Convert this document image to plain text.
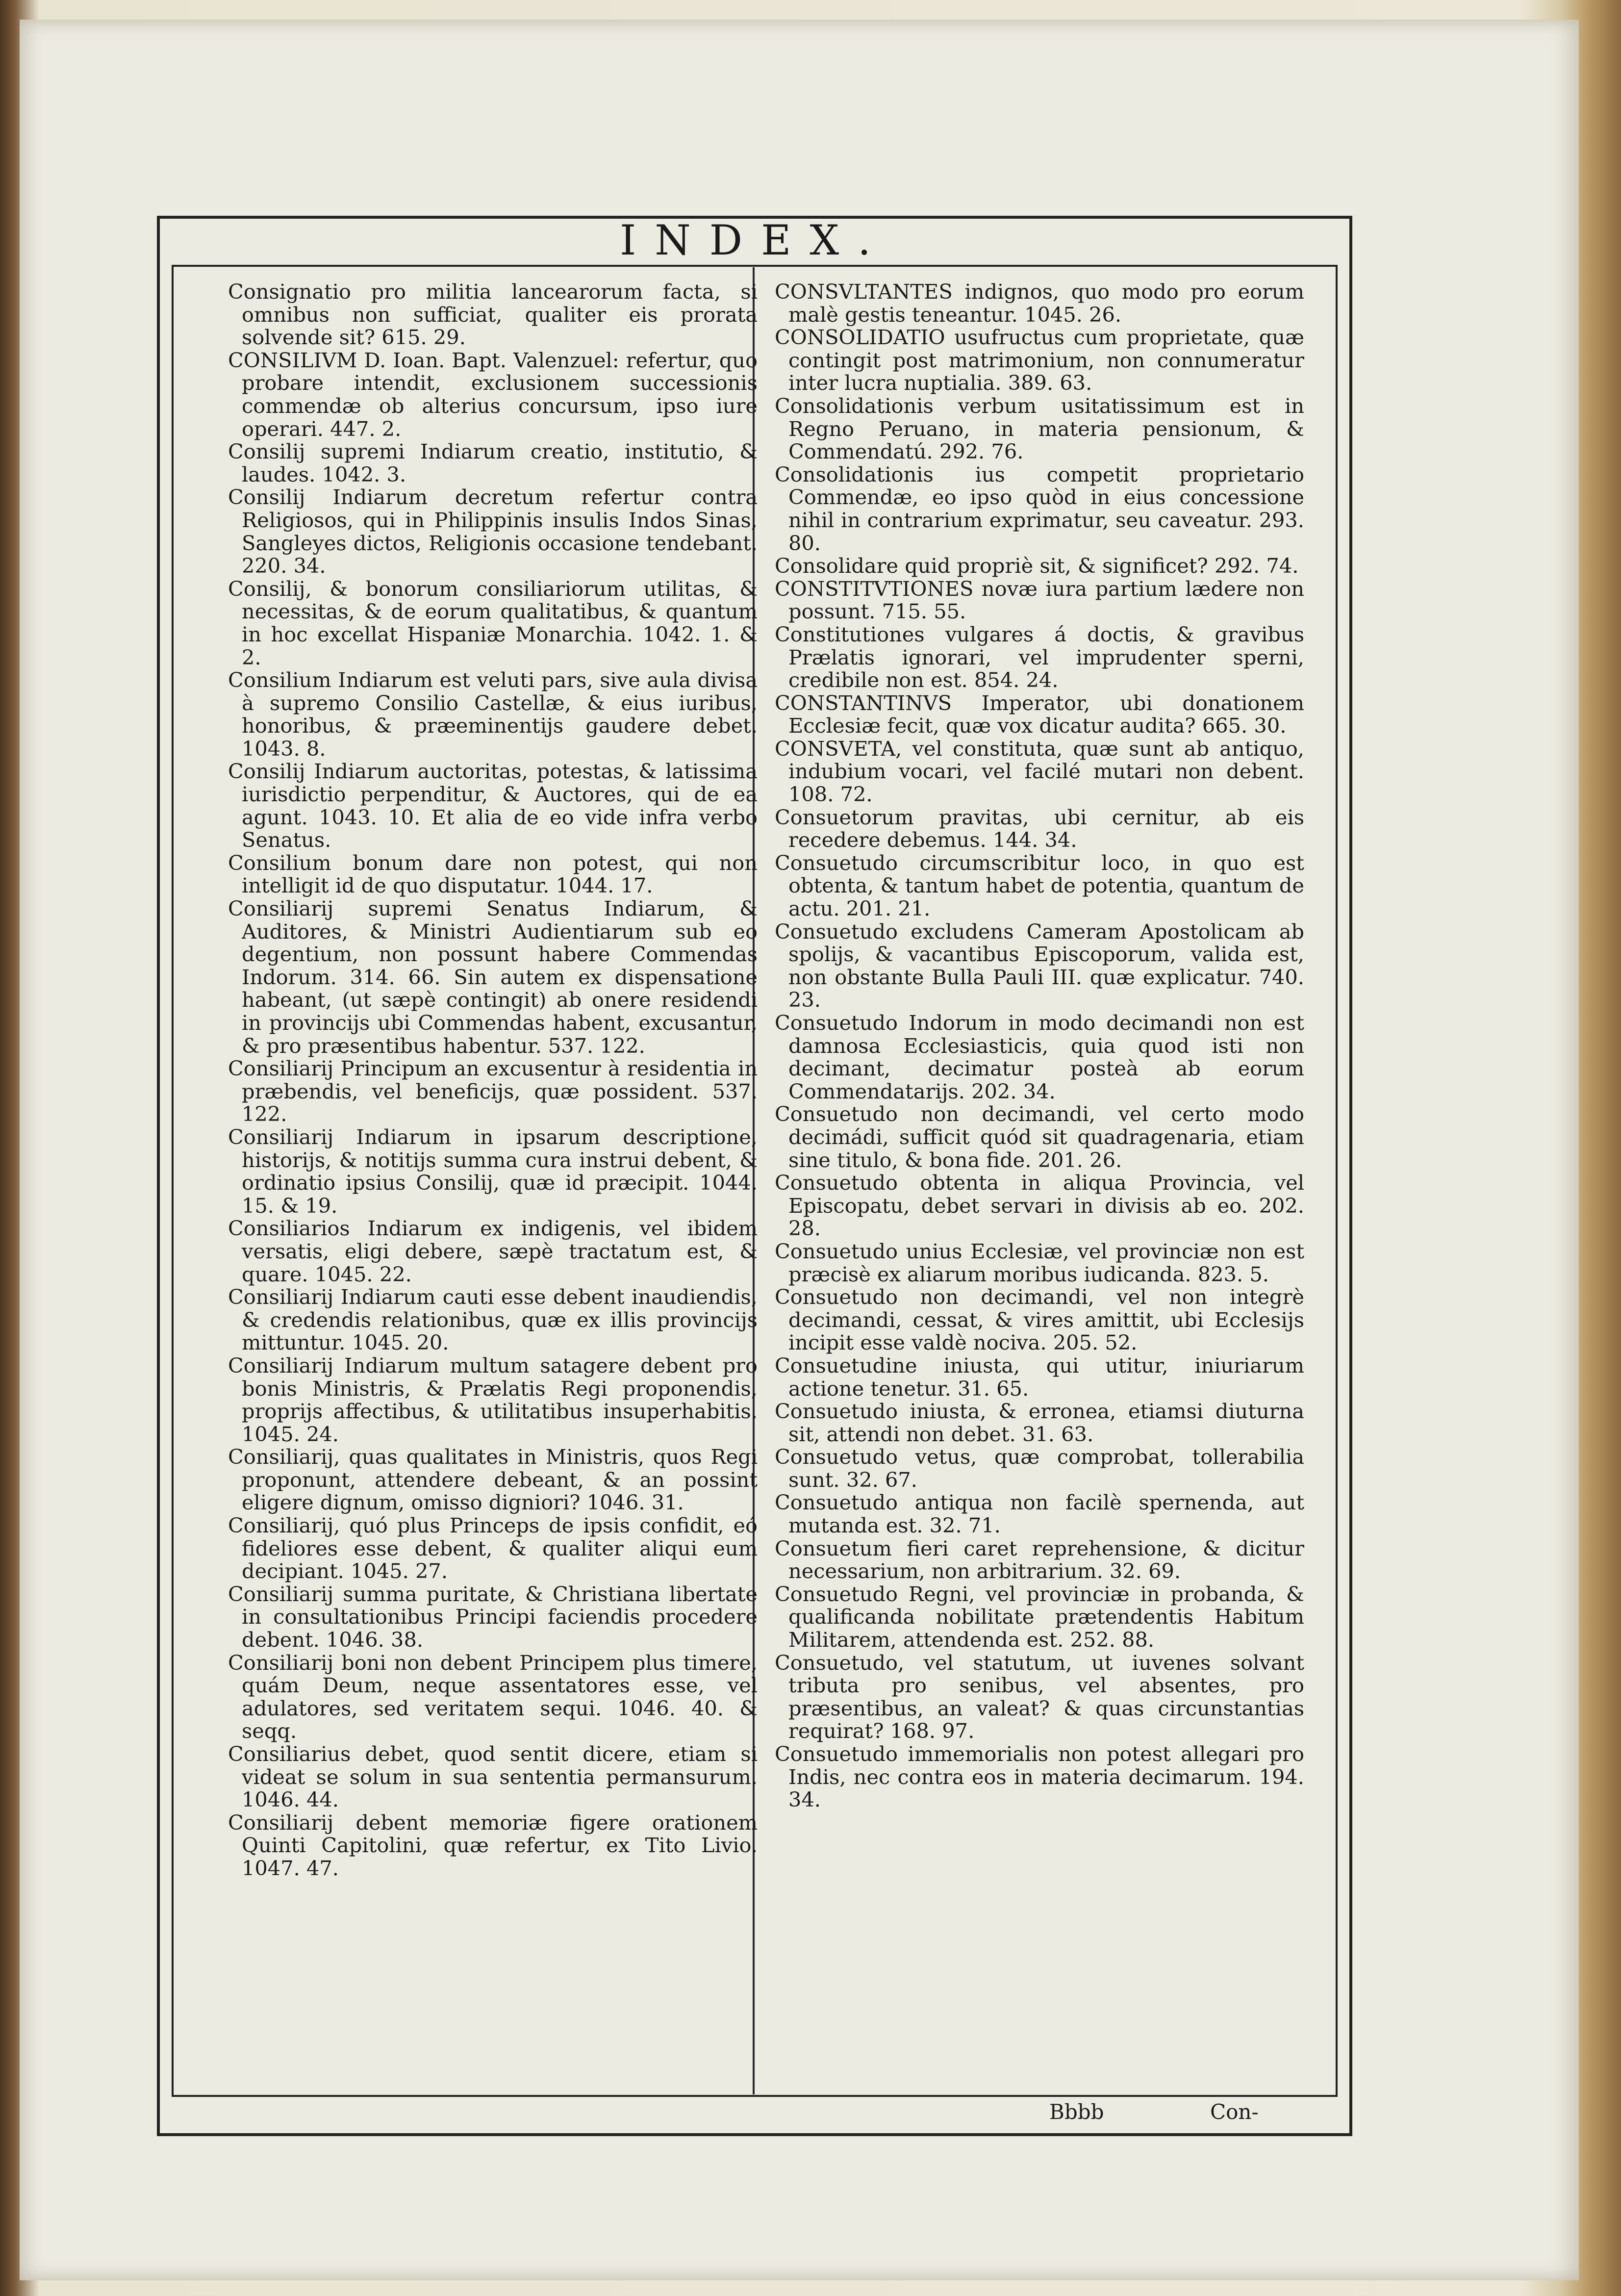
INDEX.

Consignatio pro militia lancearorum facta, si omnibus non sufficiat, qualiter eis prorata solvende sit? 615. 29.

CONSILIVM D. Ioan. Bapt. Valenzuel: refertur, quo probare intendit, exclusionem successionis commendæ ob alterius concursum, ipso iure operari. 447. 2.

Consilij supremi Indiarum creatio, institutio, & laudes. 1042. 3.

Consilij Indiarum decretum refertur contra Religiosos, qui in Philippinis insulis Indos Sinas, Sangleyes dictos, Religionis occasione tendebant. 220. 34.

Consilij, & bonorum consiliariorum utilitas, & necessitas, & de eorum qualitatibus, & quantum in hoc excellat Hispaniæ Monarchia. 1042. 1. & 2.

Consilium Indiarum est veluti pars, sive aula divisa à supremo Consilio Castellæ, & eius iuribus, honoribus, & præeminentijs gaudere debet. 1043. 8.

Consilij Indiarum auctoritas, potestas, & latissima iurisdictio perpenditur, & Auctores, qui de ea agunt. 1043. 10. Et alia de eo vide infra verbo Senatus.

Consilium bonum dare non potest, qui non intelligit id de quo disputatur. 1044. 17.

Consiliarij supremi Senatus Indiarum, & Auditores, & Ministri Audientiarum sub eo degentium, non possunt habere Commendas Indorum. 314. 66. Sin autem ex dispensatione habeant, (ut sæpè contingit) ab onere residendi in provincijs ubi Commendas habent, excusantur, & pro præsentibus habentur. 537. 122.

Consiliarij Principum an excusentur à residentia in præbendis, vel beneficijs, quæ possident. 537. 122.

Consiliarij Indiarum in ipsarum descriptione, historijs, & notitijs summa cura instrui debent, & ordinatio ipsius Consilij, quæ id præcipit. 1044. 15. & 19.

Consiliarios Indiarum ex indigenis, vel ibidem versatis, eligi debere, sæpè tractatum est, & quare. 1045. 22.

Consiliarij Indiarum cauti esse debent inaudiendis, & credendis relationibus, quæ ex illis provincijs mittuntur. 1045. 20.

Consiliarij Indiarum multum satagere debent pro bonis Ministris, & Prælatis Regi proponendis, proprijs affectibus, & utilitatibus insuperhabitis. 1045. 24.

Consiliarij, quas qualitates in Ministris, quos Regi proponunt, attendere debeant, & an possint eligere dignum, omisso digniori? 1046. 31.

Consiliarij, quó plus Princeps de ipsis confidit, eó fideliores esse debent, & qualiter aliqui eum decipiant. 1045. 27.

Consiliarij summa puritate, & Christiana libertate in consultationibus Principi faciendis procedere debent. 1046. 38.

Consiliarij boni non debent Principem plus timere, quám Deum, neque assentatores esse, vel adulatores, sed veritatem sequi. 1046. 40. & seqq.

Consiliarius debet, quod sentit dicere, etiam si videat se solum in sua sententia permansurum. 1046. 44.

Consiliarij debent memoriæ figere orationem Quinti Capitolini, quæ refertur, ex Tito Livio. 1047. 47.

CONSVLTANTES indignos, quo modo pro eorum malè gestis teneantur. 1045. 26.

CONSOLIDATIO usufructus cum proprietate, quæ contingit post matrimonium, non connumeratur inter lucra nuptialia. 389. 63.

Consolidationis verbum usitatissimum est in Regno Peruano, in materia pensionum, & Commendatú. 292. 76.

Consolidationis ius competit proprietario Commendæ, eo ipso quòd in eius concessione nihil in contrarium exprimatur, seu caveatur. 293. 80.

Consolidare quid propriè sit, & significet? 292. 74.

CONSTITVTIONES novæ iura partium lædere non possunt. 715. 55.

Constitutiones vulgares á doctis, & gravibus Prælatis ignorari, vel imprudenter sperni, credibile non est. 854. 24.

CONSTANTINVS Imperator, ubi donationem Ecclesiæ fecit, quæ vox dicatur audita? 665. 30.

CONSVETA, vel constituta, quæ sunt ab antiquo, indubium vocari, vel facilé mutari non debent. 108. 72.

Consuetorum pravitas, ubi cernitur, ab eis recedere debemus. 144. 34.

Consuetudo circumscribitur loco, in quo est obtenta, & tantum habet de potentia, quantum de actu. 201. 21.

Consuetudo excludens Cameram Apostolicam ab spolijs, & vacantibus Episcoporum, valida est, non obstante Bulla Pauli III. quæ explicatur. 740. 23.

Consuetudo Indorum in modo decimandi non est damnosa Ecclesiasticis, quia quod isti non decimant, decimatur posteà ab eorum Commendatarijs. 202. 34.

Consuetudo non decimandi, vel certo modo decimádi, sufficit quód sit quadragenaria, etiam sine titulo, & bona fide. 201. 26.

Consuetudo obtenta in aliqua Provincia, vel Episcopatu, debet servari in divisis ab eo. 202. 28.

Consuetudo unius Ecclesiæ, vel provinciæ non est præcisè ex aliarum moribus iudicanda. 823. 5.

Consuetudo non decimandi, vel non integrè decimandi, cessat, & vires amittit, ubi Ecclesijs incipit esse valdè nociva. 205. 52.

Consuetudine iniusta, qui utitur, iniuriarum actione tenetur. 31. 65.

Consuetudo iniusta, & erronea, etiamsi diuturna sit, attendi non debet. 31. 63.

Consuetudo vetus, quæ comprobat, tollerabilia sunt. 32. 67.

Consuetudo antiqua non facilè spernenda, aut mutanda est. 32. 71.

Consuetum fieri caret reprehensione, & dicitur necessarium, non arbitrarium. 32. 69.

Consuetudo Regni, vel provinciæ in probanda, & qualificanda nobilitate prætendentis Habitum Militarem, attendenda est. 252. 88.

Consuetudo, vel statutum, ut iuvenes solvant tributa pro senibus, vel absentes, pro præsentibus, an valeat? & quas circunstantias requirat? 168. 97.

Consuetudo immemorialis non potest allegari pro Indis, nec contra eos in materia decimarum. 194. 34.

Bbbb	Con-
